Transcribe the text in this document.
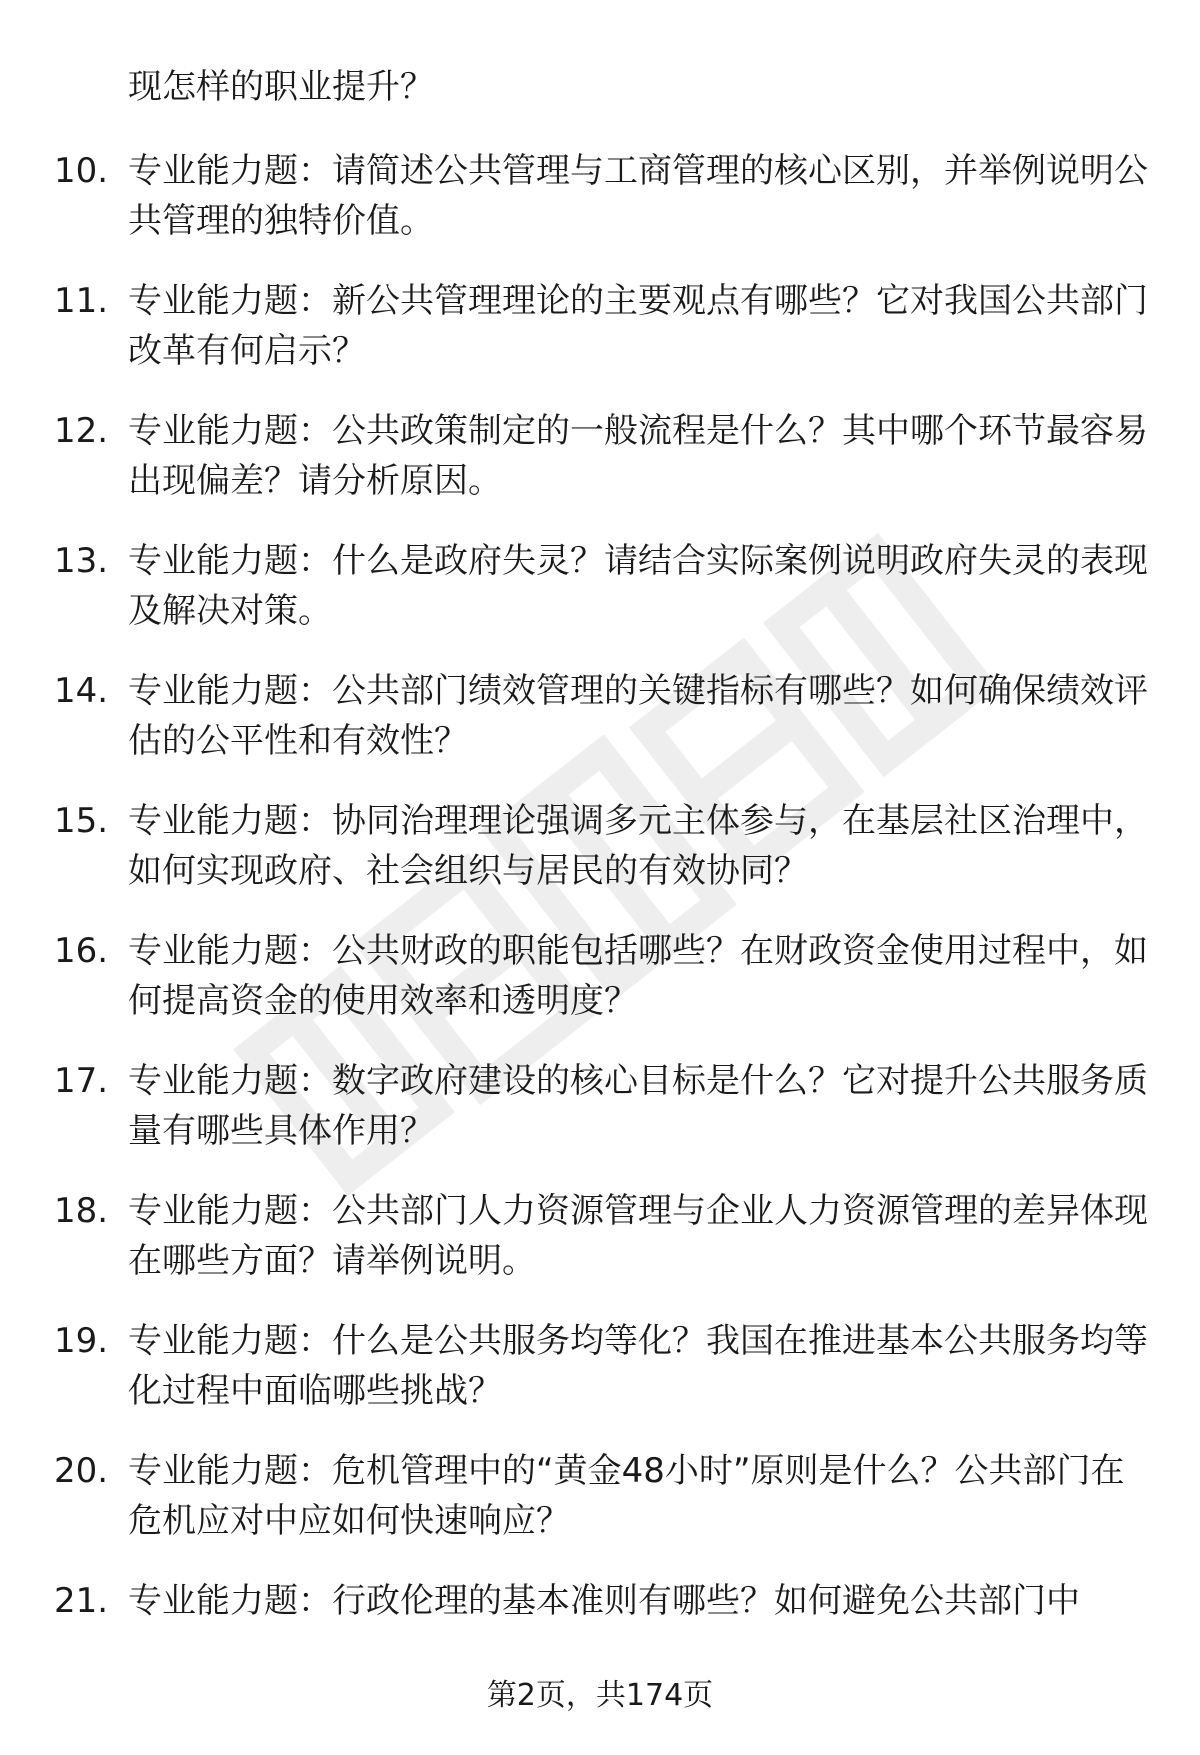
现怎样的职业提升？

10. 专业能力题：请简述公共管理与工商管理的核心区别，并举例说明公共管理的独特价值。

11. 专业能力题：新公共管理理论的主要观点有哪些？它对我国公共部门改革有何启示？

12. 专业能力题：公共政策制定的一般流程是什么？其中哪个环节最容易出现偏差？请分析原因。

13. 专业能力题：什么是政府失灵？请结合实际案例说明政府失灵的表现及解决对策。

14. 专业能力题：公共部门绩效管理的关键指标有哪些？如何确保绩效评估的公平性和有效性？

15. 专业能力题：协同治理理论强调多元主体参与，在基层社区治理中，如何实现政府、社会组织与居民的有效协同？

16. 专业能力题：公共财政的职能包括哪些？在财政资金使用过程中，如何提高资金的使用效率和透明度？

17. 专业能力题：数字政府建设的核心目标是什么？它对提升公共服务质量有哪些具体作用？

18. 专业能力题：公共部门人力资源管理与企业人力资源管理的差异体现在哪些方面？请举例说明。

19. 专业能力题：什么是公共服务均等化？我国在推进基本公共服务均等化过程中面临哪些挑战？

20. 专业能力题：危机管理中的“黄金48小时”原则是什么？公共部门在危机应对中应如何快速响应？

21. 专业能力题：行政伦理的基本准则有哪些？如何避免公共部门中

第2页，共174页
